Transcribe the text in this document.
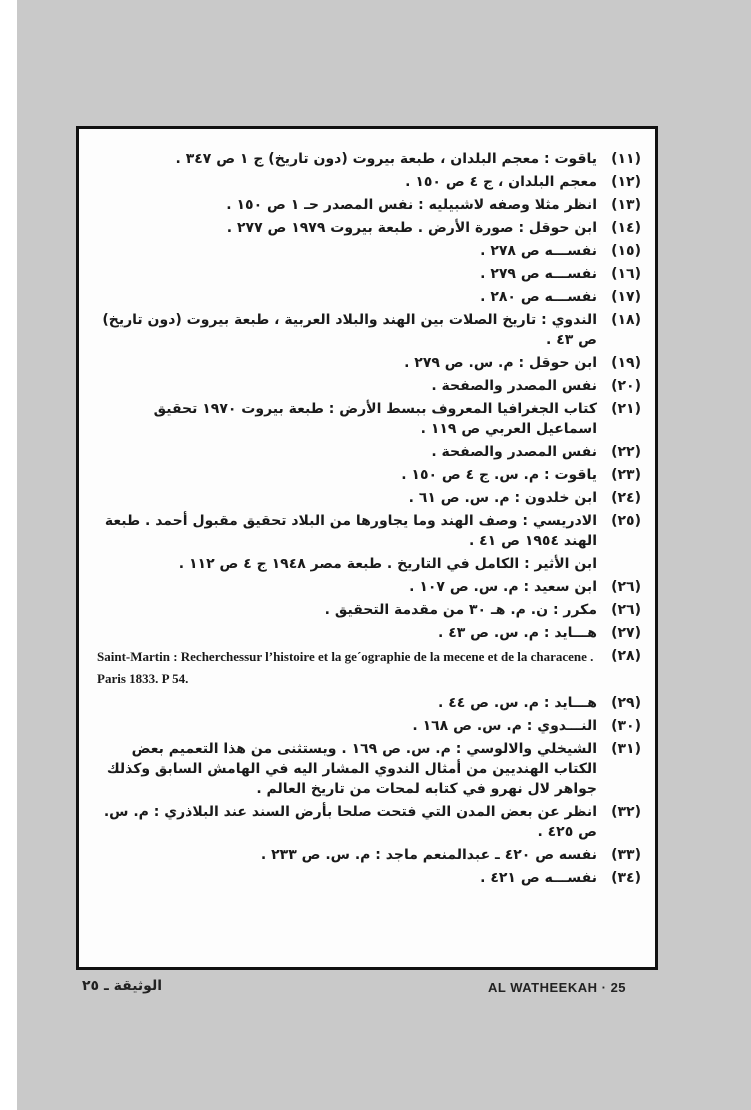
(١١)
ياقوت : معجم البلدان ، طبعة بيروت (دون تاريخ) ج ١ ص ٣٤٧ .
(١٢)
معجم البلدان ، ج ٤ ص ١٥٠ .
(١٣)
انظر مثلا وصفه لاشبيليه : نفس المصدر حـ ١ ص ١٥٠ .
(١٤)
ابن حوقل : صورة الأرض . طبعة بيروت ١٩٧٩ ص ٢٧٧ .
(١٥)
نفســـه ص ٢٧٨ .
(١٦)
نفســـه ص ٢٧٩ .
(١٧)
نفســـه ص ٢٨٠ .
(١٨)
الندوي : تاريخ الصلات بين الهند والبلاد العربية ، طبعة بيروت (دون تاريخ) ص ٤٣ .
(١٩)
ابن حوقل : م. س. ص ٢٧٩ .
(٢٠)
نفس المصدر والصفحة .
(٢١)
كتاب الجغرافيا المعروف ببسط الأرض : طبعة بيروت ١٩٧٠ تحقيق اسماعيل العربي ص ١١٩ .
(٢٢)
نفس المصدر والصفحة .
(٢٣)
ياقوت : م. س. ج ٤ ص ١٥٠ .
(٢٤)
ابن خلدون : م. س. ص ٦١ .
(٢٥)
الادريسي : وصف الهند وما يجاورها من البلاد تحقيق مقبول أحمد . طبعة الهند ١٩٥٤ ص ٤١ .
ابن الأثير : الكامل في التاريخ . طبعة مصر ١٩٤٨ ج ٤ ص ١١٢ .
(٢٦)
ابن سعيد : م. س. ص ١٠٧ .
(٢٦)
مكرر : ن. م. هـ ٣٠ من مقدمة التحقيق .
(٢٧)
هـــايد : م. س. ص ٤٣ .
(٢٨)
Saint-Martin : Recherchessur l’histoire et la ge´ographie de la mecene et de la characene . Paris 1833. P 54.
(٢٩)
هـــايد : م. س. ص ٤٤ .
(٣٠)
النـــدوي : م. س. ص ١٦٨ .
(٣١)
الشيخلي والالوسي : م. س. ص ١٦٩ . ويستثنى من هذا التعميم بعض الكتاب الهنديين من أمثال الندوي المشار اليه في الهامش السابق وكذلك جواهر لال نهرو في كتابه لمحات من تاريخ العالم .
(٣٢)
انظر عن بعض المدن التي فتحت صلحا بأرض السند عند البلاذري : م. س. ص ٤٢٥ .
(٣٣)
نفسه ص ٤٢٠ ـ عبدالمنعم ماجد : م. س. ص ٢٣٣ .
(٣٤)
نفســـه ص ٤٢١ .
AL WATHEEKAH · 25
الوثيقة ـ ٢٥
